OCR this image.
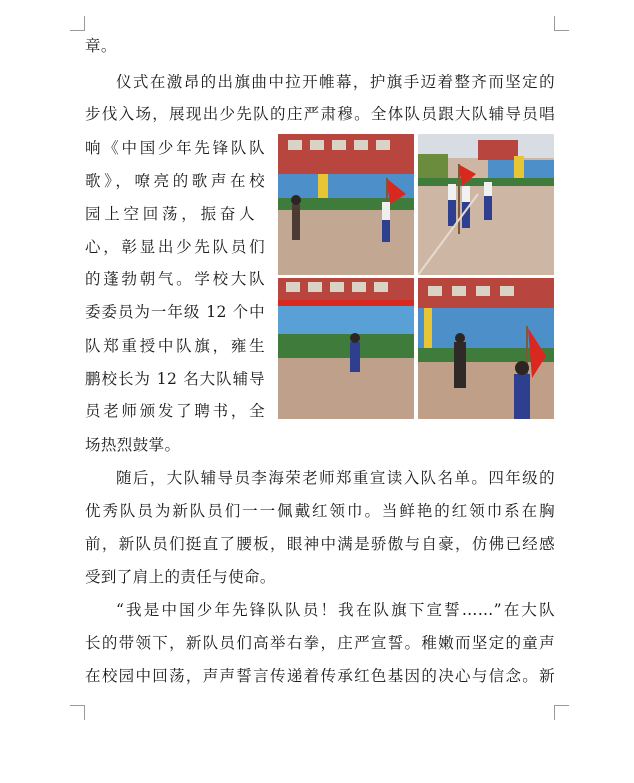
章。
仪式在激昂的出旗曲中拉开帷幕，护旗手迈着整齐而坚定的
步伐入场，展现出少先队的庄严肃穆。全体队员跟大队辅导员唱
响《中国少年先锋队队
歌》，嘹亮的歌声在校
园上空回荡，振奋人
心，彰显出少先队员们
的蓬勃朝气。学校大队
委委员为一年级 12 个中
队郑重授中队旗，雍生
鹏校长为 12 名大队辅导
员老师颁发了聘书，全
场热烈鼓掌。
随后，大队辅导员李海荣老师郑重宣读入队名单。四年级的
优秀队员为新队员们一一佩戴红领巾。当鲜艳的红领巾系在胸
前，新队员们挺直了腰板，眼神中满是骄傲与自豪，仿佛已经感
受到了肩上的责任与使命。
“我是中国少年先锋队队员！我在队旗下宣誓……”在大队
长的带领下，新队员们高举右拳，庄严宣誓。稚嫩而坚定的童声
在校园中回荡，声声誓言传递着传承红色基因的决心与信念。新
